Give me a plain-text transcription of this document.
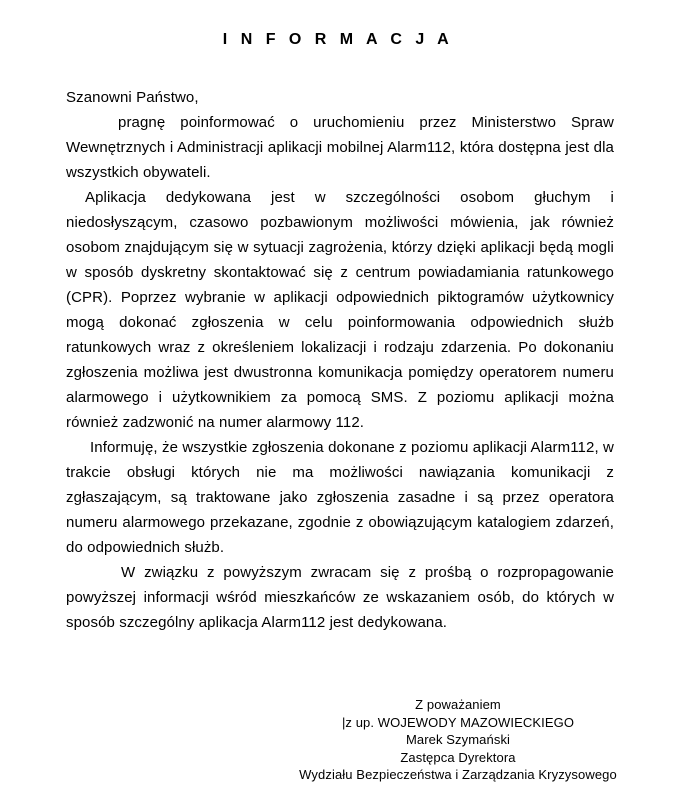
I N F O R M A C J A

Szanowni Państwo,

pragnę poinformować o uruchomieniu przez Ministerstwo Spraw Wewnętrznych i Administracji aplikacji mobilnej Alarm112, która dostępna jest dla wszystkich obywateli.

Aplikacja dedykowana jest w szczególności osobom głuchym i niedosłyszącym, czasowo pozbawionym możliwości mówienia, jak również osobom znajdującym się w sytuacji zagrożenia, którzy dzięki aplikacji będą mogli w sposób dyskretny skontaktować się z centrum powiadamiania ratunkowego (CPR). Poprzez wybranie w aplikacji odpowiednich piktogramów użytkownicy mogą dokonać zgłoszenia w celu poinformowania odpowiednich służb ratunkowych wraz z określeniem lokalizacji i rodzaju zdarzenia. Po dokonaniu zgłoszenia możliwa jest dwustronna komunikacja pomiędzy operatorem numeru alarmowego i użytkownikiem za pomocą SMS. Z poziomu aplikacji można również zadzwonić na numer alarmowy 112.

Informuję, że wszystkie zgłoszenia dokonane z poziomu aplikacji Alarm112, w trakcie obsługi których nie ma możliwości nawiązania komunikacji z zgłaszającym, są traktowane jako zgłoszenia zasadne i są przez operatora numeru alarmowego przekazane, zgodnie z obowiązującym katalogiem zdarzeń, do odpowiednich służb.

W związku z powyższym zwracam się z prośbą o rozpropagowanie powyższej informacji wśród mieszkańców ze wskazaniem osób, do których w sposób szczególny aplikacja Alarm112 jest dedykowana.

Z poważaniem
|z up. WOJEWODY MAZOWIECKIEGO
Marek Szymański
Zastępca Dyrektora
Wydziału Bezpieczeństwa i Zarządzania Kryzysowego
